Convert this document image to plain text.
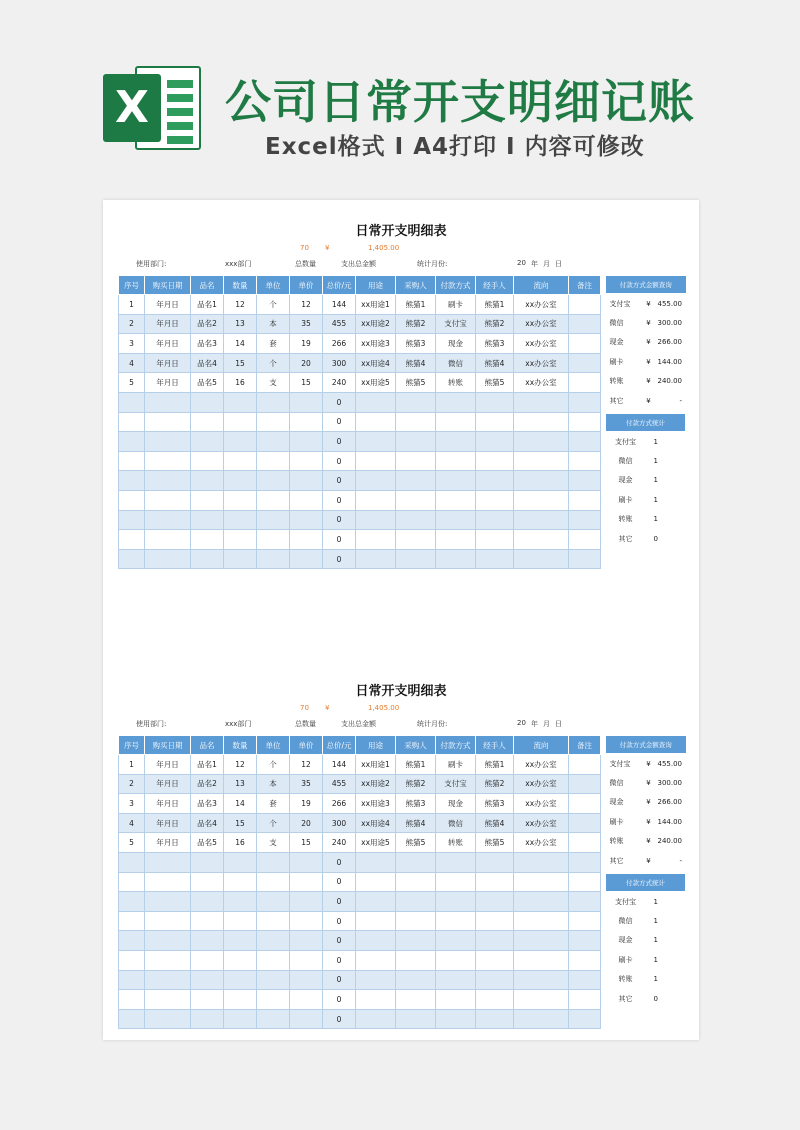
X 公司日常开支明细记账
Excel格式 I A4打印 I 内容可修改
日常开支明细表
70 ¥	1,405.00
使用部门:	xxx部门	总数量	支出总金额	统计月份:	20 年 月 日
序号	购买日期	品名	数量	单位	单价	总价/元	用途	采购人	付款方式	经手人	流向	备注
1	年月日	品名1	12	个	12	144	xx用途1	熊猫1	刷卡	熊猫1	xx办公室	
2	年月日	品名2	13	本	35	455	xx用途2	熊猫2	支付宝	熊猫2	xx办公室	
3	年月日	品名3	14	套	19	266	xx用途3	熊猫3	现金	熊猫3	xx办公室	
4	年月日	品名4	15	个	20	300	xx用途4	熊猫4	微信	熊猫4	xx办公室	
5	年月日	品名5	16	支	15	240	xx用途5	熊猫5	转账	熊猫5	xx办公室	
						0						
						0						
						0						
						0						
						0						
						0						
						0						
						0						
						0						
付款方式金额查询		
支付宝	¥	455.00
微信	¥	300.00
现金	¥	266.00
刷卡	¥	144.00
转账	¥	240.00
其它	¥	-
付款方式统计	
支付宝	1
微信	1
现金	1
刷卡	1
转账	1
其它	0
日常开支明细表
70 ¥	1,405.00
使用部门:	xxx部门	总数量	支出总金额	统计月份:	20 年 月 日
序号	购买日期	品名	数量	单位	单价	总价/元	用途	采购人	付款方式	经手人	流向	备注
1	年月日	品名1	12	个	12	144	xx用途1	熊猫1	刷卡	熊猫1	xx办公室	
2	年月日	品名2	13	本	35	455	xx用途2	熊猫2	支付宝	熊猫2	xx办公室	
3	年月日	品名3	14	套	19	266	xx用途3	熊猫3	现金	熊猫3	xx办公室	
4	年月日	品名4	15	个	20	300	xx用途4	熊猫4	微信	熊猫4	xx办公室	
5	年月日	品名5	16	支	15	240	xx用途5	熊猫5	转账	熊猫5	xx办公室	
						0						
						0						
						0						
						0						
						0						
						0						
						0						
						0						
						0						
付款方式金额查询		
支付宝	¥	455.00
微信	¥	300.00
现金	¥	266.00
刷卡	¥	144.00
转账	¥	240.00
其它	¥	-
付款方式统计	
支付宝	1
微信	1
现金	1
刷卡	1
转账	1
其它	0
